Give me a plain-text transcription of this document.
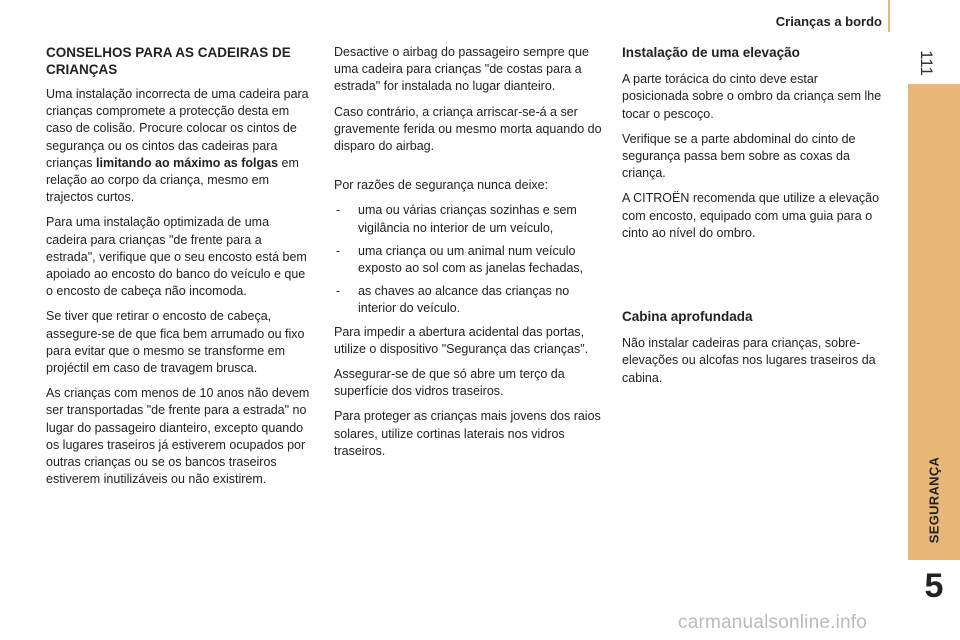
Crianças a bordo
111
SEGURANÇA
5
CONSELHOS PARA AS CADEIRAS DE CRIANÇAS

Uma instalação incorrecta de uma cadeira para crianças compromete a protecção desta em caso de colisão. Procure colocar os cintos de segurança ou os cintos das cadeiras para crianças limitando ao máximo as folgas em relação ao corpo da criança, mesmo em trajectos curtos.

Para uma instalação optimizada de uma cadeira para crianças "de frente para a estrada", verifique que o seu encosto está bem apoiado ao encosto do banco do veículo e que o encosto de cabeça não incomoda.

Se tiver que retirar o encosto de cabeça, assegure-se de que fica bem arrumado ou fixo para evitar que o mesmo se transforme em projéctil em caso de travagem brusca.

As crianças com menos de 10 anos não devem ser transportadas "de frente para a estrada" no lugar do passageiro dianteiro, excepto quando os lugares traseiros já estiverem ocupados por outras crianças ou se os bancos traseiros estiverem inutilizáveis ou não existirem.

Desactive o airbag do passageiro sempre que uma cadeira para crianças "de costas para a estrada" for instalada no lugar dianteiro.

Caso contrário, a criança arriscar-se-á a ser gravemente ferida ou mesmo morta aquando do disparo do airbag.

Por razões de segurança nunca deixe:

- uma ou várias crianças sozinhas e sem vigilância no interior de um veículo,
- uma criança ou um animal num veículo exposto ao sol com as janelas fechadas,
- as chaves ao alcance das crianças no interior do veículo.

Para impedir a abertura acidental das portas, utilize o dispositivo "Segurança das crianças".

Assegurar-se de que só abre um terço da superfície dos vidros traseiros.

Para proteger as crianças mais jovens dos raios solares, utilize cortinas laterais nos vidros traseiros.

Instalação de uma elevação

A parte torácica do cinto deve estar posicionada sobre o ombro da criança sem lhe tocar o pescoço.

Verifique se a parte abdominal do cinto de segurança passa bem sobre as coxas da criança.

A CITROËN recomenda que utilize a elevação com encosto, equipado com uma guia para o cinto ao nível do ombro.

Cabina aprofundada

Não instalar cadeiras para crianças, sobre-elevações ou alcofas nos lugares traseiros da cabina.

carmanualsonline.info
